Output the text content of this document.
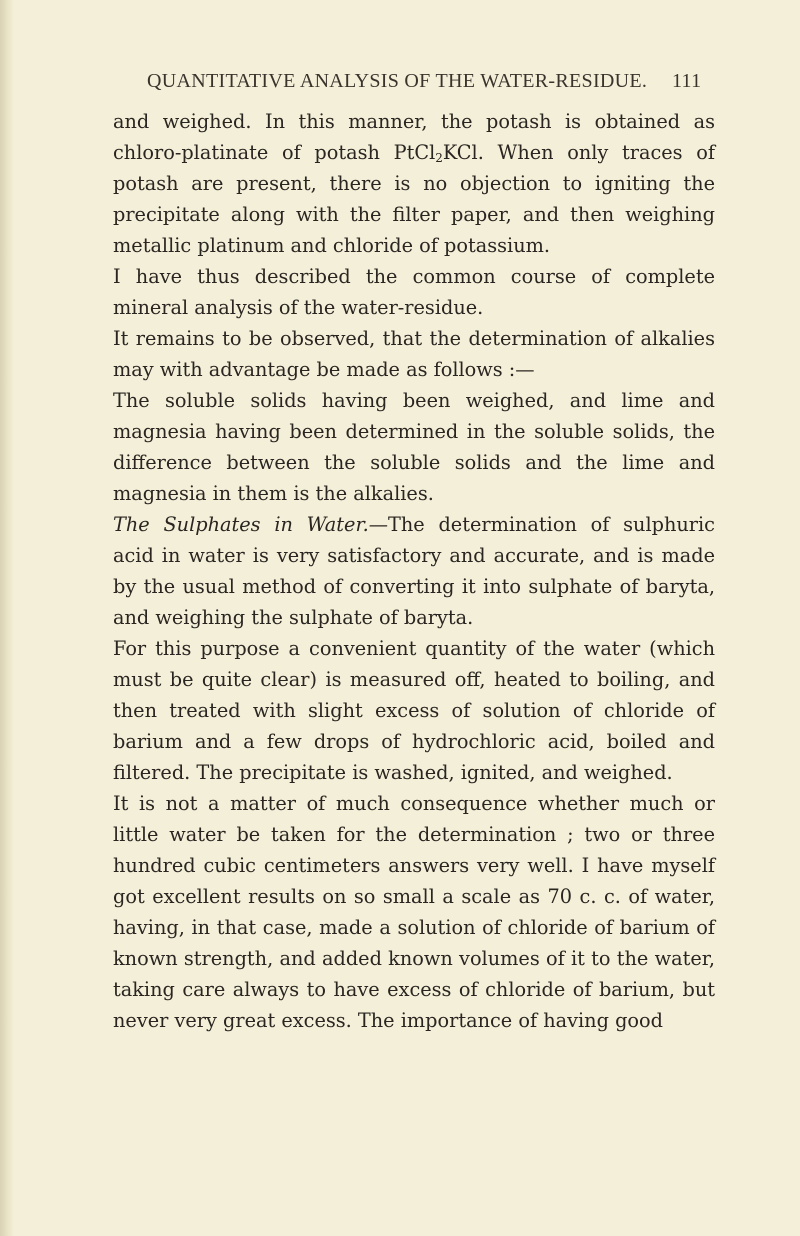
QUANTITATIVE ANALYSIS OF THE WATER-RESIDUE. 111

and weighed. In this manner, the potash is obtained as chloro-platinate of potash PtCl$_2$KCl. When only traces of potash are present, there is no objection to igniting the precipitate along with the filter paper, and then weighing metallic platinum and chloride of potassium.

I have thus described the common course of complete mineral analysis of the water-residue.

It remains to be observed, that the determination of alkalies may with advantage be made as follows :—

The soluble solids having been weighed, and lime and magnesia having been determined in the soluble solids, the difference between the soluble solids and the lime and magnesia in them is the alkalies.

The Sulphates in Water.—The determination of sulphuric acid in water is very satisfactory and accurate, and is made by the usual method of converting it into sulphate of baryta, and weighing the sulphate of baryta.

For this purpose a convenient quantity of the water (which must be quite clear) is measured off, heated to boiling, and then treated with slight excess of solution of chloride of barium and a few drops of hydrochloric acid, boiled and filtered. The precipitate is washed, ignited, and weighed.

It is not a matter of much consequence whether much or little water be taken for the determination ; two or three hundred cubic centimeters answers very well. I have myself got excellent results on so small a scale as 70 c. c. of water, having, in that case, made a solution of chloride of barium of known strength, and added known volumes of it to the water, taking care always to have excess of chloride of barium, but never very great excess. The importance of having good
